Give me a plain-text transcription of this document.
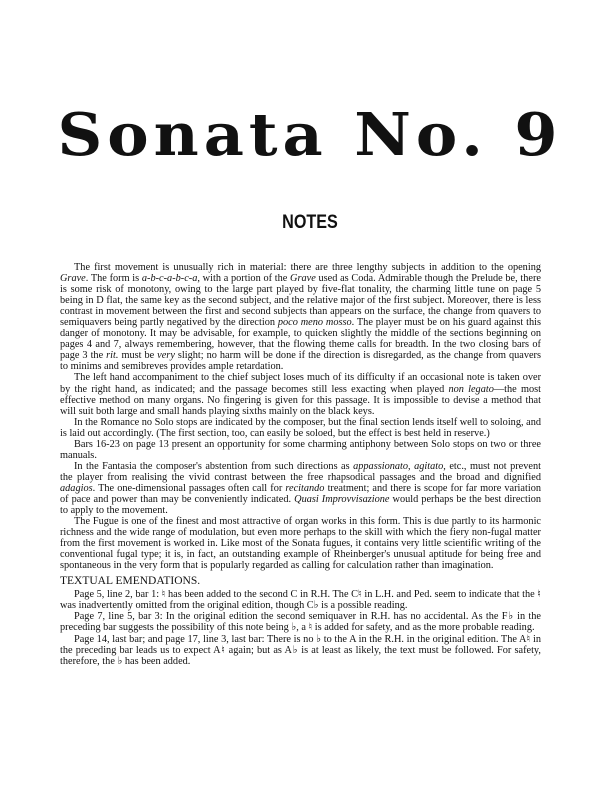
Sonata No. 9
NOTES

The first movement is unusually rich in material: there are three lengthy subjects in addition to the opening Grave. The form is a-b-c-a-b-c-a, with a portion of the Grave used as Coda. Admirable though the Prelude be, there is some risk of monotony, owing to the large part played by five-flat tonality, the charming little tune on page 5 being in D flat, the same key as the second subject, and the relative major of the first subject. Moreover, there is less contrast in movement between the first and second subjects than appears on the surface, the change from quavers to semiquavers being partly negatived by the direction poco meno mosso. The player must be on his guard against this danger of monotony. It may be advisable, for example, to quicken slightly the middle of the sections beginning on pages 4 and 7, always remembering, however, that the flowing theme calls for breadth. In the two closing bars of page 3 the rit. must be very slight; no harm will be done if the direction is disregarded, as the change from quavers to minims and semibreves provides ample retardation.

The left hand accompaniment to the chief subject loses much of its difficulty if an occasional note is taken over by the right hand, as indicated; and the passage becomes still less exacting when played non legato—the most effective method on many organs. No fingering is given for this passage. It is impossible to devise a method that will suit both large and small hands playing sixths mainly on the black keys.

In the Romance no Solo stops are indicated by the composer, but the final section lends itself well to soloing, and is laid out accordingly. (The first section, too, can easily be soloed, but the effect is best held in reserve.)

Bars 16-23 on page 13 present an opportunity for some charming antiphony between Solo stops on two or three manuals.

In the Fantasia the composer's abstention from such directions as appassionato, agitato, etc., must not prevent the player from realising the vivid contrast between the free rhapsodical passages and the broad and dignified adagios. The one-dimensional passages often call for recitando treatment; and there is scope for far more variation of pace and power than may be conveniently indicated. Quasi Improvvisazione would perhaps be the best direction to apply to the movement.

The Fugue is one of the finest and most attractive of organ works in this form. This is due partly to its harmonic richness and the wide range of modulation, but even more perhaps to the skill with which the fiery non-fugal matter from the first movement is worked in. Like most of the Sonata fugues, it contains very little scientific writing of the conventional fugal type; it is, in fact, an outstanding example of Rheinberger's unusual aptitude for being free and spontaneous in the very form that is popularly regarded as calling for calculation rather than imagination.

TEXTUAL EMENDATIONS.

Page 5, line 2, bar 1: ♮ has been added to the second C in R.H. The C♮ in L.H. and Ped. seem to indicate that the ♮ was inadvertently omitted from the original edition, though C♭ is a possible reading.

Page 7, line 5, bar 3: In the original edition the second semiquaver in R.H. has no accidental. As the F♭ in the preceding bar suggests the possibility of this note being ♭, a ♮ is added for safety, and as the more probable reading.

Page 14, last bar; and page 17, line 3, last bar: There is no ♭ to the A in the R.H. in the original edition. The A♮ in the preceding bar leads us to expect A♮ again; but as A♭ is at least as likely, the text must be followed. For safety, therefore, the ♭ has been added.
